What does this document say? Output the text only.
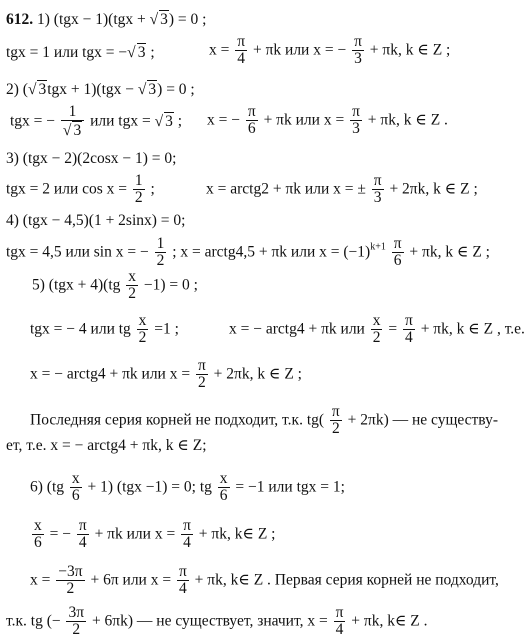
612. 1) (tgx − 1)(tgx + √ 3) = 0 ;
tgx = 1 или tgx = −√ 3 ;	$x = \frac{\pi}{4} + \pi k$ или x = − $\frac{\pi}{3} + \pi k$, k ∈ Z ;
2) (√ 3tgx + 1)(tgx − √ 3) = 0 ;
tgx = − $\frac{1}{√ 3}$ или tgx = √ 3 ; x = − $\frac{\pi}{6} + \pi k$ или $x = \frac{\pi}{3} + \pi k$, k ∈ Z .
3) (tgx − 2)(2cosx − 1) = 0;
tgx = 2 или $\cos x = \frac{1}{2}$ ;	x = arctg2 + πk или x = ± $\frac{\pi}{3} + 2\pi k$, k ∈ Z ;
4) (tgx − 4,5)(1 + 2sinx) = 0;
tgx = 4,5 или sin x = − $\frac{1}{2}$ ; x = arctg4,5 + πk или $x = (-1)^{k+1} \frac{\pi}{6} + \pi k$, k ∈ Z ;
5) $(tgx + 4)(tg \frac{x}{2} -1) = 0$ ;
tgx = − 4 или tg $\frac{x}{2} =1$ ;	x = − arctg4 + πk или $\frac{x}{2} = \frac{\pi}{4} + \pi k$, k ∈ Z , т.е.
x = − arctg4 + πk или $x = \frac{\pi}{2} + 2\pi k$, k ∈ Z ;
Последняя серия корней не подходит, т.к. $tg( \frac{\pi}{2} + 2\pi k)$ — не существу-
ет, т.е. x = − arctg4 + πk, k ∈ Z;
6) $(tg \frac{x}{6} + 1)$ (tgx −1) = 0; tg $\frac{x}{6} = -1$ или tgx = 1;
$\frac{x}{6}$ = − $\frac{\pi}{4} + \pi k$ или $x = \frac{\pi}{4} + \pi k$, k∈ Z ;
$x = \frac{-3\pi}{2} + 6\pi$ или $x = \frac{\pi}{4} + \pi k$, k∈ Z . Первая серия корней не подходит,
т.к. tg (− $\frac{3\pi}{2} + 6\pi k$) — не существует, значит, $x = \frac{\pi}{4} + \pi k$, k∈ Z .
